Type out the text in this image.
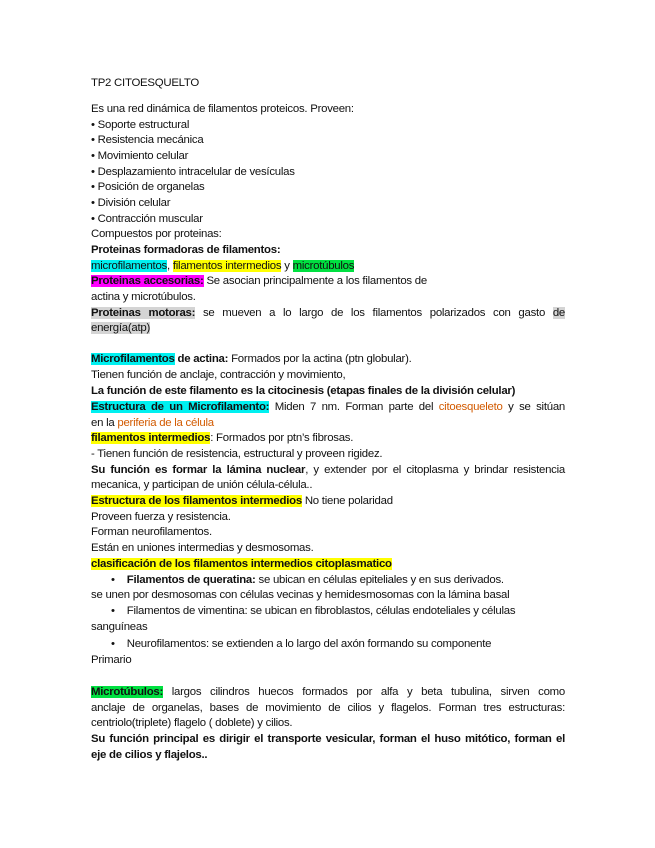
TP2 CITOESQUELTO
Es una red dinámica de filamentos proteicos. Proveen:
• Soporte estructural
• Resistencia mecánica
• Movimiento celular
• Desplazamiento intracelular de vesículas
• Posición de organelas
• División celular
• Contracción muscular
Compuestos por proteinas:
Proteinas formadoras de filamentos:
microfilamentos, filamentos intermedios y microtúbulos
Proteinas accesorias: Se asocian principalmente a los filamentos de
actina y microtúbulos.
Proteinas motoras: se mueven a lo largo de los filamentos polarizados con gasto de
energía(atp)
Microfilamentos de actina: Formados por la actina (ptn globular).
Tienen función de anclaje, contracción y movimiento,
La función de este filamento es la citocinesis (etapas finales de la división celular)
Estructura de un Microfilamento: Miden 7 nm. Forman parte del citoesqueleto y se sitúan
en la periferia de la célula
filamentos intermedios: Formados por ptn’s fibrosas.
- Tienen función de resistencia, estructural y proveen rigidez.
Su función es formar la lámina nuclear, y extender por el citoplasma y brindar resistencia
mecanica, y participan de unión célula-célula..
Estructura de los filamentos intermedios No tiene polaridad
Proveen fuerza y resistencia.
Forman neurofilamentos.
Están en uniones intermedias y desmosomas.
clasificación de los filamentos intermedios citoplasmatico
• Filamentos de queratina: se ubican en células epiteliales y en sus derivados.
se unen por desmosomas con células vecinas y hemidesmosomas con la lámina basal
• Filamentos de vimentina: se ubican en fibroblastos, células endoteliales y células
sanguíneas
• Neurofilamentos: se extienden a lo largo del axón formando su componente
Primario
Microtúbulos: largos cilindros huecos formados por alfa y beta tubulina, sirven como
anclaje de organelas, bases de movimiento de cilios y flagelos. Forman tres estructuras:
centriolo(triplete) flagelo ( doblete) y cilios.
Su función principal es dirigir el transporte vesicular, forman el huso mitótico, forman el
eje de cilios y flajelos..
